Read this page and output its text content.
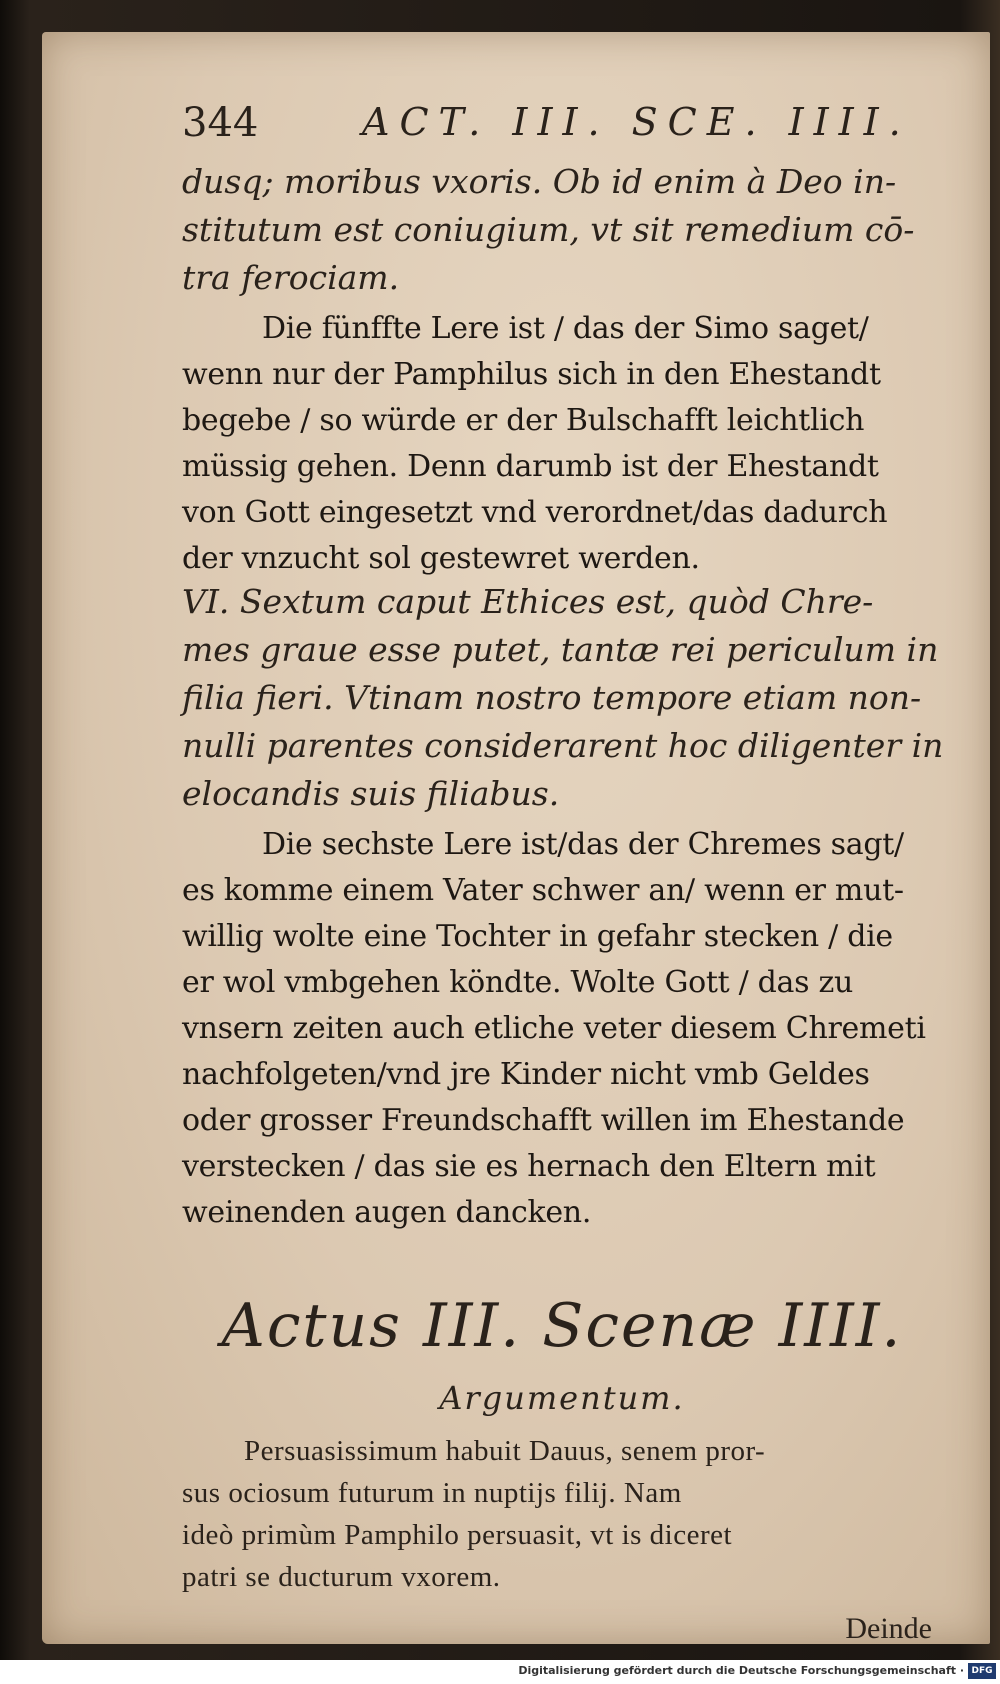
344	ACT. III. SCE. IIII.
dusq; moribus vxoris. Ob id enim à Deo in-
stitutum est coniugium, vt sit remedium cō-
tra ferociam.
Die fünffte Lere ist / das der Simo saget/
wenn nur der Pamphilus sich in den Ehestandt
begebe / so würde er der Bulschafft leichtlich
müssig gehen. Denn darumb ist der Ehestandt
von Gott eingesetzt vnd verordnet/das dadurch
der vnzucht sol gestewret werden.
VI. Sextum caput Ethices est, quòd Chre-
mes graue esse putet, tantæ rei periculum in
filia fieri. Vtinam nostro tempore etiam non-
nulli parentes considerarent hoc diligenter in
elocandis suis filiabus.
Die sechste Lere ist/das der Chremes sagt/
es komme einem Vater schwer an/ wenn er mut-
willig wolte eine Tochter in gefahr stecken / die
er wol vmbgehen köndte. Wolte Gott / das zu
vnsern zeiten auch etliche veter diesem Chremeti
nachfolgeten/vnd jre Kinder nicht vmb Geldes
oder grosser Freundschafft willen im Ehestande
verstecken / das sie es hernach den Eltern mit
weinenden augen dancken.
Actus III. Scenæ IIII.
Argumentum.
Persuasissimum habuit Dauus, senem pror-
sus ociosum futurum in nuptijs filij. Nam
ideò primùm Pamphilo persuasit, vt is diceret
patri se ducturum vxorem.
Deinde
Digitalisierung gefördert durch die Deutsche Forschungsgemeinschaft · DFG
